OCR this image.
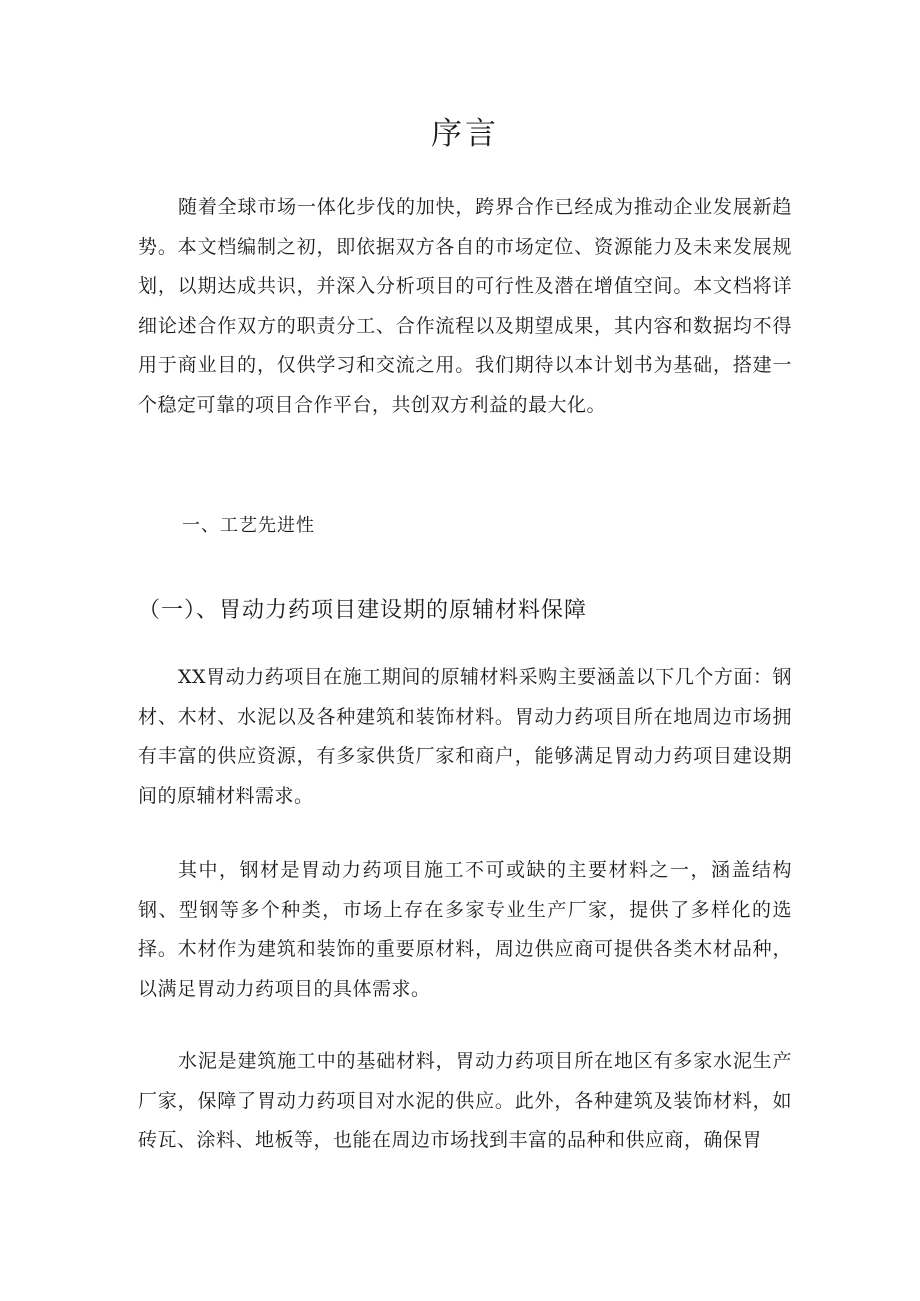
序言

随着全球市场一体化步伐的加快，跨界合作已经成为推动企业发展新趋势。本文档编制之初，即依据双方各自的市场定位、资源能力及未来发展规划，以期达成共识，并深入分析项目的可行性及潜在增值空间。本文档将详细论述合作双方的职责分工、合作流程以及期望成果，其内容和数据均不得用于商业目的，仅供学习和交流之用。我们期待以本计划书为基础，搭建一个稳定可靠的项目合作平台，共创双方利益的最大化。

一、工艺先进性
（一）、胃动力药项目建设期的原辅材料保障

XX胃动力药项目在施工期间的原辅材料采购主要涵盖以下几个方面：钢材、木材、水泥以及各种建筑和装饰材料。胃动力药项目所在地周边市场拥有丰富的供应资源，有多家供货厂家和商户，能够满足胃动力药项目建设期间的原辅材料需求。

其中，钢材是胃动力药项目施工不可或缺的主要材料之一，涵盖结构钢、型钢等多个种类，市场上存在多家专业生产厂家，提供了多样化的选择。木材作为建筑和装饰的重要原材料，周边供应商可提供各类木材品种，以满足胃动力药项目的具体需求。

水泥是建筑施工中的基础材料，胃动力药项目所在地区有多家水泥生产厂家，保障了胃动力药项目对水泥的供应。此外，各种建筑及装饰材料，如砖瓦、涂料、地板等，也能在周边市场找到丰富的品种和供应商，确保胃
